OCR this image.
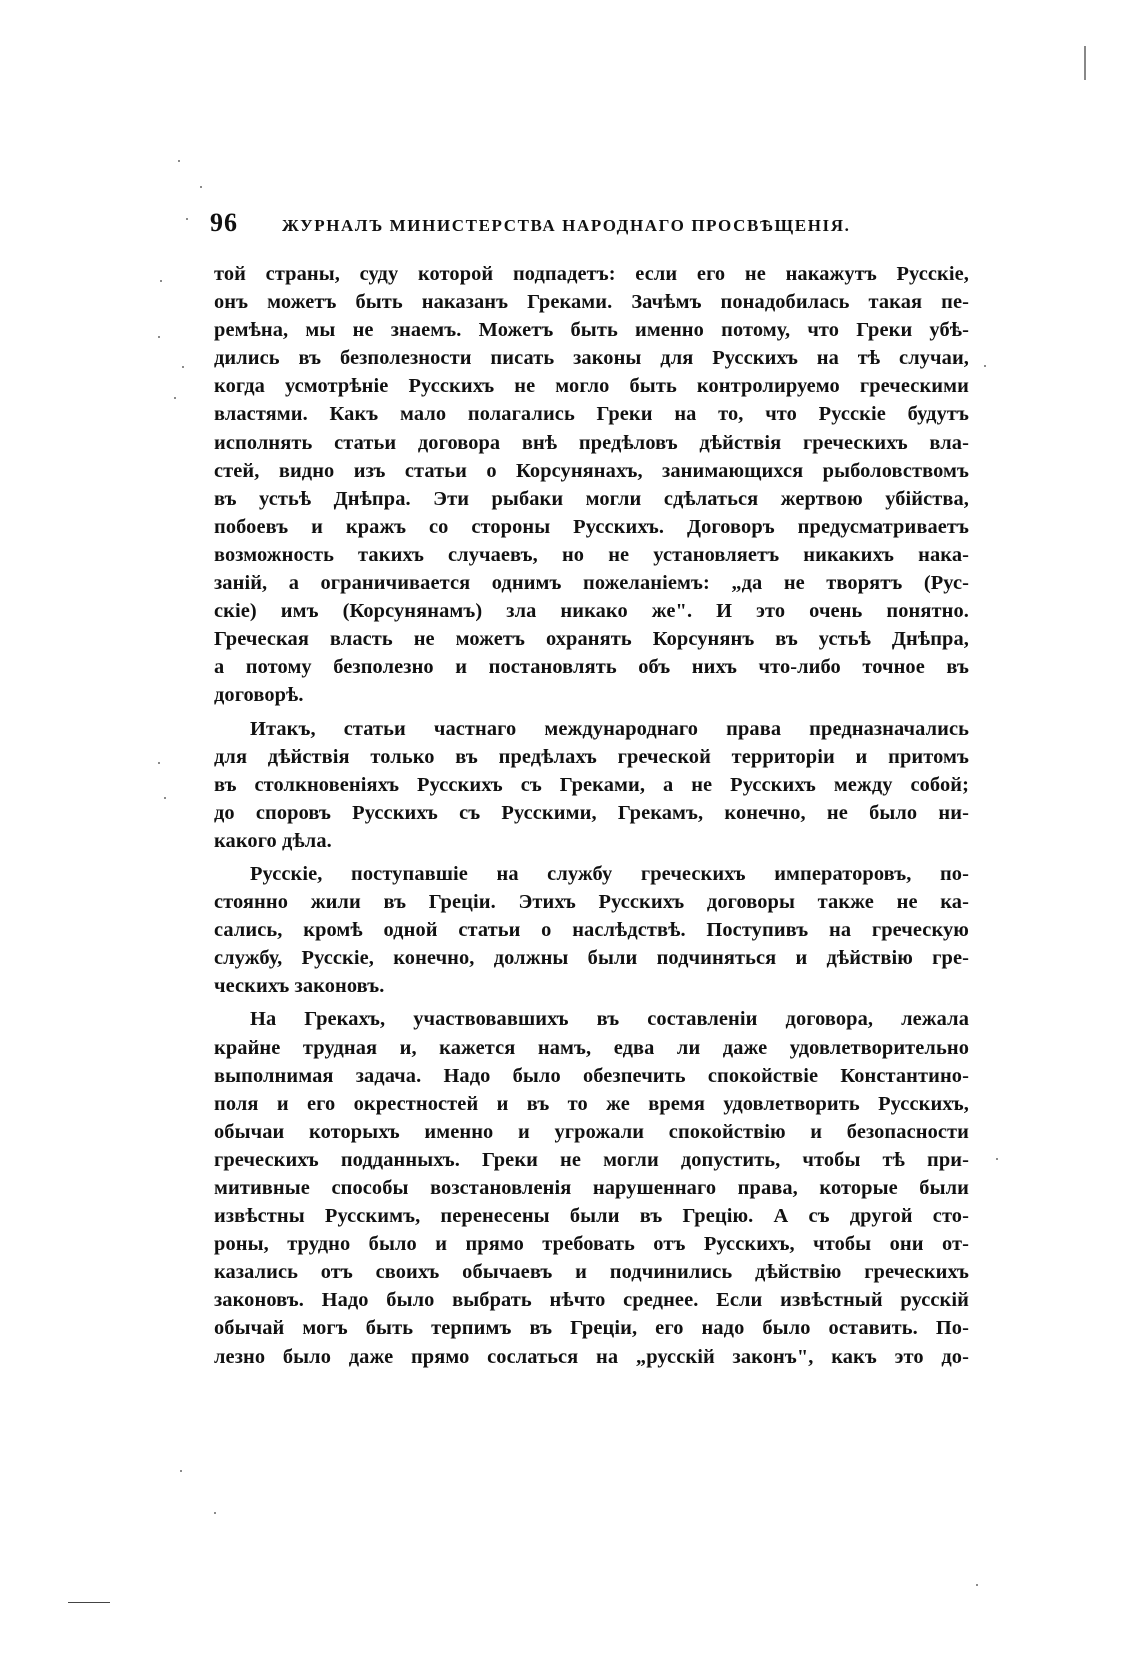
96	ЖУРНАЛЪ МИНИСТЕРСТВА НАРОДНАГО ПРОСВѢЩЕНІЯ.
той страны, суду которой подпадетъ: если его не накажутъ Русскіе,
онъ можетъ быть наказанъ Греками. Зачѣмъ понадобилась такая пе-
ремѣна, мы не знаемъ. Можетъ быть именно потому, что Греки убѣ-
дились въ безполезности писать законы для Русскихъ на тѣ случаи,
когда усмотрѣніе Русскихъ не могло быть контролируемо греческими
властями. Какъ мало полагались Греки на то, что Русскіе будутъ
исполнять статьи договора внѣ предѣловъ дѣйствія греческихъ вла-
стей, видно изъ статьи о Корсунянахъ, занимающихся рыболовствомъ
въ устьѣ Днѣпра. Эти рыбаки могли сдѣлаться жертвою убійства,
побоевъ и кражъ со стороны Русскихъ. Договоръ предусматриваетъ
возможность такихъ случаевъ, но не установляетъ никакихъ нака-
заній, а ограничивается однимъ пожеланіемъ: „да не творятъ (Рус-
скіе) имъ (Корсунянамъ) зла никако же". И это очень понятно.
Греческая власть не можетъ охранять Корсунянъ въ устьѣ Днѣпра,
а потому безполезно и постановлять объ нихъ что-либо точное въ
договорѣ.
Итакъ, статьи частнаго международнаго права предназначались
для дѣйствія только въ предѣлахъ греческой территоріи и притомъ
въ столкновеніяхъ Русскихъ съ Греками, а не Русскихъ между собой;
до споровъ Русскихъ съ Русскими, Грекамъ, конечно, не было ни-
какого дѣла.
Русскіе, поступавшіе на службу греческихъ императоровъ, по-
стоянно жили въ Греціи. Этихъ Русскихъ договоры также не ка-
сались, кромѣ одной статьи о наслѣдствѣ. Поступивъ на греческую
службу, Русскіе, конечно, должны были подчиняться и дѣйствію гре-
ческихъ законовъ.
На Грекахъ, участвовавшихъ въ составленіи договора, лежала
крайне трудная и, кажется намъ, едва ли даже удовлетворительно
выполнимая задача. Надо было обезпечить спокойствіе Константино-
поля и его окрестностей и въ то же время удовлетворить Русскихъ,
обычаи которыхъ именно и угрожали спокойствію и безопасности
греческихъ подданныхъ. Греки не могли допустить, чтобы тѣ при-
митивные способы возстановленія нарушеннаго права, которые были
извѣстны Русскимъ, перенесены были въ Грецію. А съ другой сто-
роны, трудно было и прямо требовать отъ Русскихъ, чтобы они от-
казались отъ своихъ обычаевъ и подчинились дѣйствію греческихъ
законовъ. Надо было выбрать нѣчто среднее. Если извѣстный русскій
обычай могъ быть терпимъ въ Греціи, его надо было оставить. По-
лезно было даже прямо сослаться на „русскій законъ", какъ это до-
